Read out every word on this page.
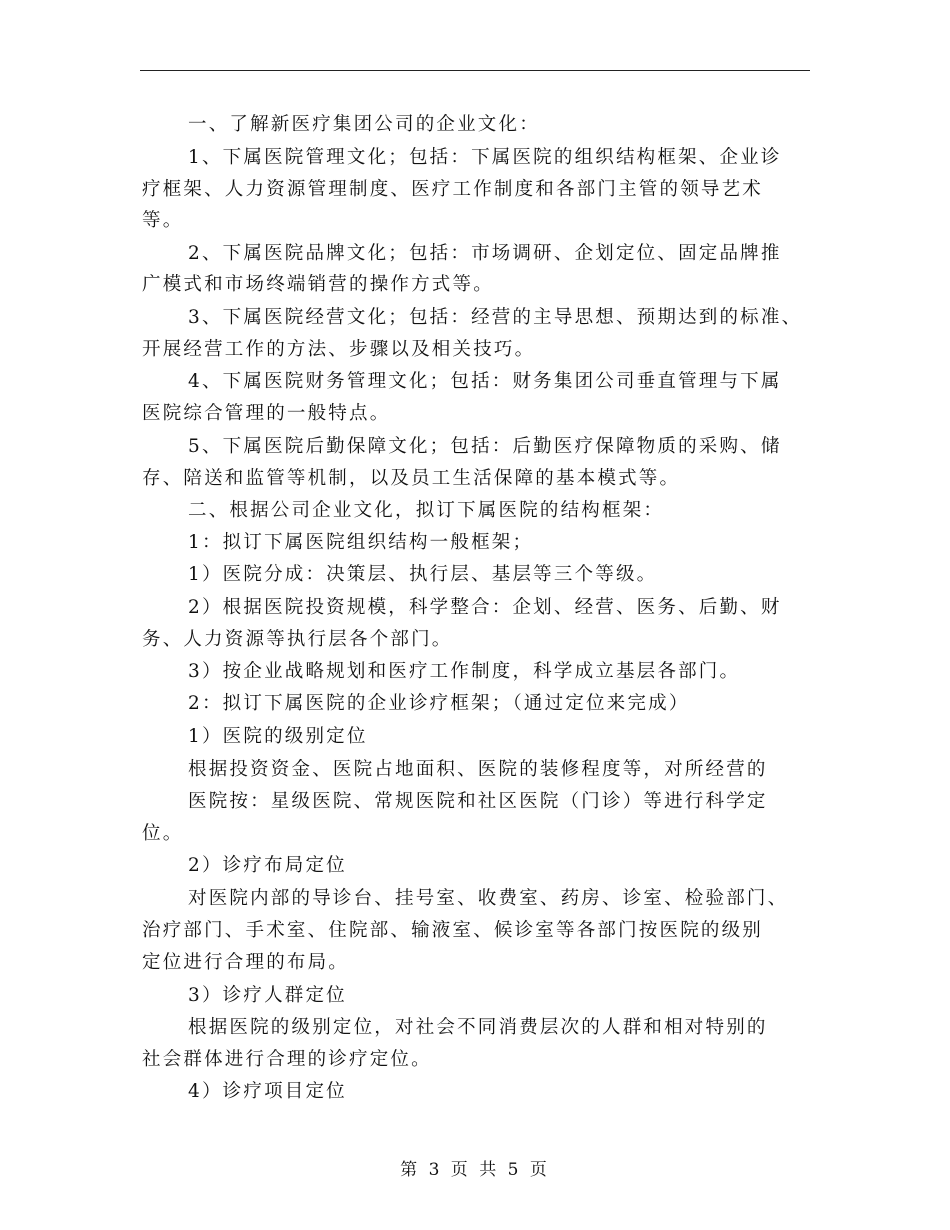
一、了解新医疗集团公司的企业文化：
1、下属医院管理文化；包括：下属医院的组织结构框架、企业诊
疗框架、人力资源管理制度、医疗工作制度和各部门主管的领导艺术
等。
2、下属医院品牌文化；包括：市场调研、企划定位、固定品牌推
广模式和市场终端销营的操作方式等。
3、下属医院经营文化；包括：经营的主导思想、预期达到的标准、
开展经营工作的方法、步骤以及相关技巧。
4、下属医院财务管理文化；包括：财务集团公司垂直管理与下属
医院综合管理的一般特点。
5、下属医院后勤保障文化；包括：后勤医疗保障物质的采购、储
存、陪送和监管等机制，以及员工生活保障的基本模式等。
二、根据公司企业文化，拟订下属医院的结构框架：
1：拟订下属医院组织结构一般框架；
1）医院分成：决策层、执行层、基层等三个等级。
2）根据医院投资规模，科学整合：企划、经营、医务、后勤、财
务、人力资源等执行层各个部门。
3）按企业战略规划和医疗工作制度，科学成立基层各部门。
2：拟订下属医院的企业诊疗框架；（通过定位来完成）
1）医院的级别定位
根据投资资金、医院占地面积、医院的装修程度等，对所经营的
医院按：星级医院、常规医院和社区医院（门诊）等进行科学定
位。
2）诊疗布局定位
对医院内部的导诊台、挂号室、收费室、药房、诊室、检验部门、
治疗部门、手术室、住院部、输液室、候诊室等各部门按医院的级别
定位进行合理的布局。
3）诊疗人群定位
根据医院的级别定位，对社会不同消费层次的人群和相对特别的
社会群体进行合理的诊疗定位。
4）诊疗项目定位
第 3 页 共 5 页
